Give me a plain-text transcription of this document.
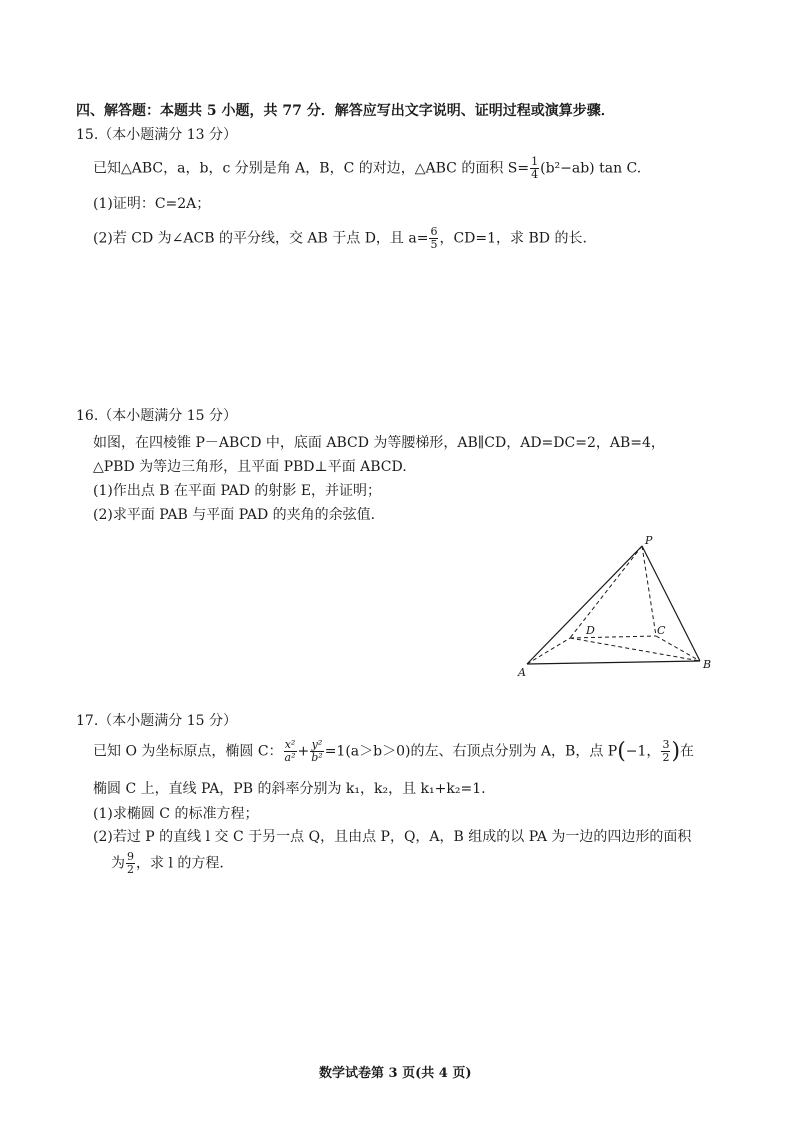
四、解答题：本题共 5 小题，共 77 分．解答应写出文字说明、证明过程或演算步骤．
15.（本小题满分 13 分）
已知△ABC，a，b，c 分别是角 A，B，C 的对边，△ABC 的面积 $S= \frac{1}{4} (b^2-ab)$ tan C.
(1)证明：C=2A；
(2)若 CD 为∠ACB 的平分线，交 AB 于点 D，且 $a= \frac{6}{5}$ ，CD=1，求 BD 的长.
16.（本小题满分 15 分）
如图，在四棱锥 P－ABCD 中，底面 ABCD 为等腰梯形，AB∥CD，AD=DC=2，AB=4，
△PBD 为等边三角形，且平面 PBD⊥平面 ABCD.
(1)作出点 B 在平面 PAD 的射影 E，并证明；
(2)求平面 PAB 与平面 PAD 的夹角的余弦值.
P
A
B
C
D
17.（本小题满分 15 分）
已知 O 为坐标原点，椭圆 C： $\frac{\text{x²}}{\text{a²}} + \frac{\text{y²}}{\text{b²}} =1(a>b>0)$的左、右顶点分别为 A，B，点 P(−1， $\frac{3}{2}$ )在
椭圆 C 上，直线 PA，PB 的斜率分别为 k₁，k₂，且 k₁+k₂=1.
(1)求椭圆 C 的标准方程；
(2)若过 P 的直线 l 交 C 于另一点 Q，且由点 P，Q，A，B 组成的以 PA 为一边的四边形的面积
为 $\frac{9}{2}$ ，求 l 的方程.
数学试卷第 3 页(共 4 页)
